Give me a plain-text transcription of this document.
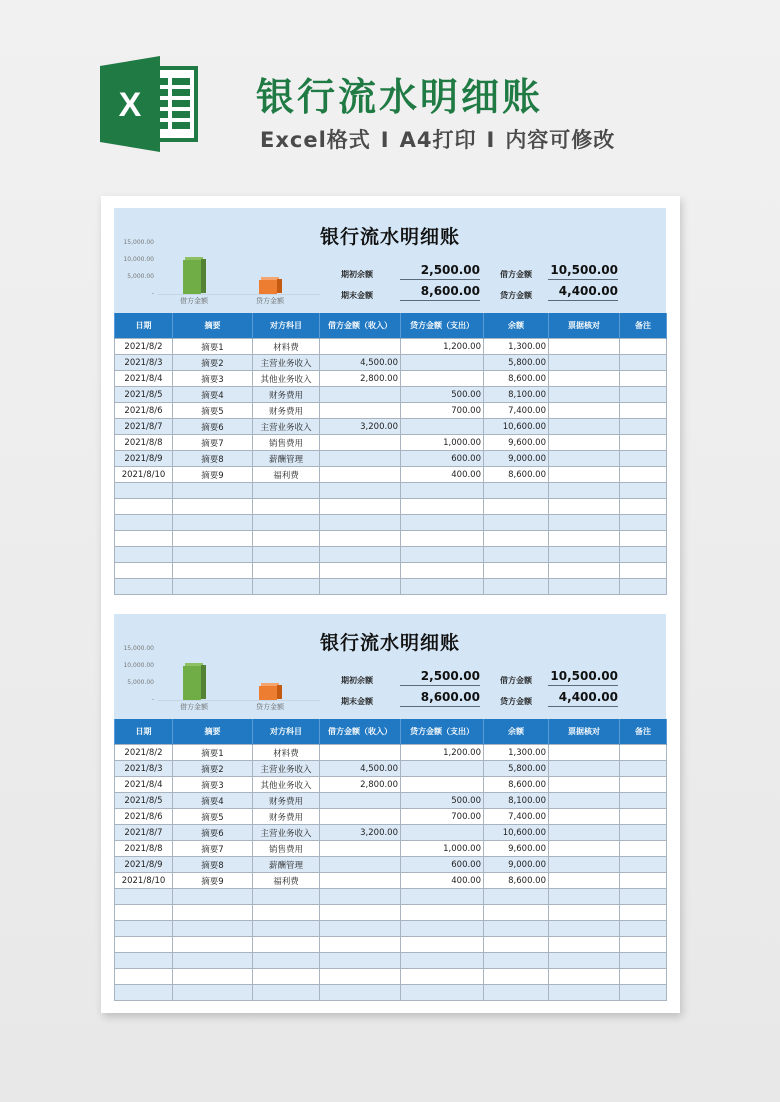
X	银行流水明细账
Excel格式 I A4打印 I 内容可修改
银行流水明细账
15,000.00
10,000.00
5,000.00
-
借方金额	贷方金额
期初余额	2,500.00
期末金额	8,600.00
借方金额 10,500.00
贷方金额	4,400.00
日期	摘要	对方科目	借方金额（收入）	贷方金额（支出）	余额	票据核对	备注
2021/8/2	摘要1	材料费		1,200.00	1,300.00		
2021/8/3	摘要2	主营业务收入	4,500.00		5,800.00		
2021/8/4	摘要3	其他业务收入	2,800.00		8,600.00		
2021/8/5	摘要4	财务费用		500.00	8,100.00		
2021/8/6	摘要5	财务费用		700.00	7,400.00		
2021/8/7	摘要6	主营业务收入	3,200.00		10,600.00		
2021/8/8	摘要7	销售费用		1,000.00	9,600.00		
2021/8/9	摘要8	薪酬管理		600.00	9,000.00		
2021/8/10	摘要9	福利费		400.00	8,600.00		

银行流水明细账
15,000.00
10,000.00
5,000.00
-
借方金额	贷方金额
期初余额	2,500.00
期末金额	8,600.00
借方金额 10,500.00
贷方金额	4,400.00
日期	摘要	对方科目	借方金额（收入）	贷方金额（支出）	余额	票据核对	备注
2021/8/2	摘要1	材料费		1,200.00	1,300.00		
2021/8/3	摘要2	主营业务收入	4,500.00		5,800.00		
2021/8/4	摘要3	其他业务收入	2,800.00		8,600.00		
2021/8/5	摘要4	财务费用		500.00	8,100.00		
2021/8/6	摘要5	财务费用		700.00	7,400.00		
2021/8/7	摘要6	主营业务收入	3,200.00		10,600.00		
2021/8/8	摘要7	销售费用		1,000.00	9,600.00		
2021/8/9	摘要8	薪酬管理		600.00	9,000.00		
2021/8/10	摘要9	福利费		400.00	8,600.00		
